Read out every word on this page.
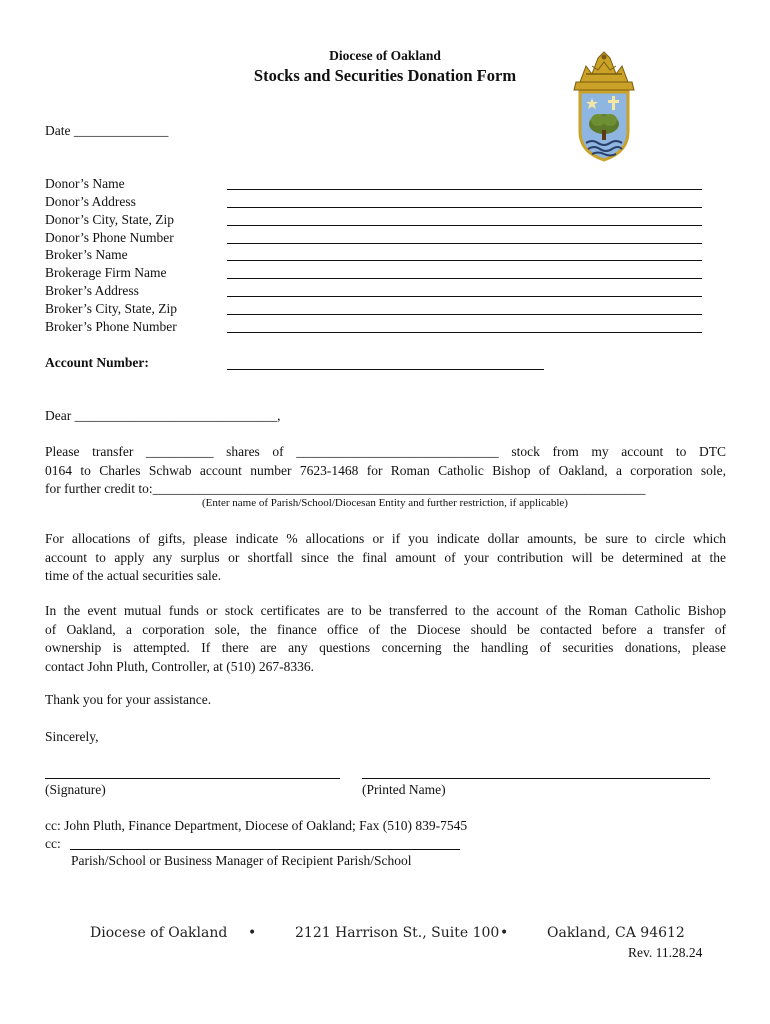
Diocese of Oakland
Stocks and Securities Donation Form
Date ______________
Donor’s Name
Donor’s Address
Donor’s City, State, Zip
Donor’s Phone Number
Broker’s Name
Brokerage Firm Name
Broker’s Address
Broker’s City, State, Zip
Broker’s Phone Number
Account Number:
Dear ______________________________,
Please transfer __________ shares of ______________________________ stock from my account to DTC
0164 to Charles Schwab account number 7623-1468 for Roman Catholic Bishop of Oakland, a corporation sole,
for further credit to:_________________________________________________________________________
(Enter name of Parish/School/Diocesan Entity and further restriction, if applicable)
For allocations of gifts, please indicate % allocations or if you indicate dollar amounts, be sure to circle which
account to apply any surplus or shortfall since the final amount of your contribution will be determined at the
time of the actual securities sale.
In the event mutual funds or stock certificates are to be transferred to the account of the Roman Catholic Bishop
of Oakland, a corporation sole, the finance office of the Diocese should be contacted before a transfer of
ownership is attempted. If there are any questions concerning the handling of securities donations, please
contact John Pluth, Controller, at (510) 267-8336.
Thank you for your assistance.
Sincerely,
(Signature)	(Printed Name)
cc: John Pluth, Finance Department, Diocese of Oakland; Fax (510) 839-7545
cc:
Parish/School or Business Manager of Recipient Parish/School
Diocese of Oakland •	2121 Harrison St., Suite 100 •	Oakland, CA 94612
Rev. 11.28.24
